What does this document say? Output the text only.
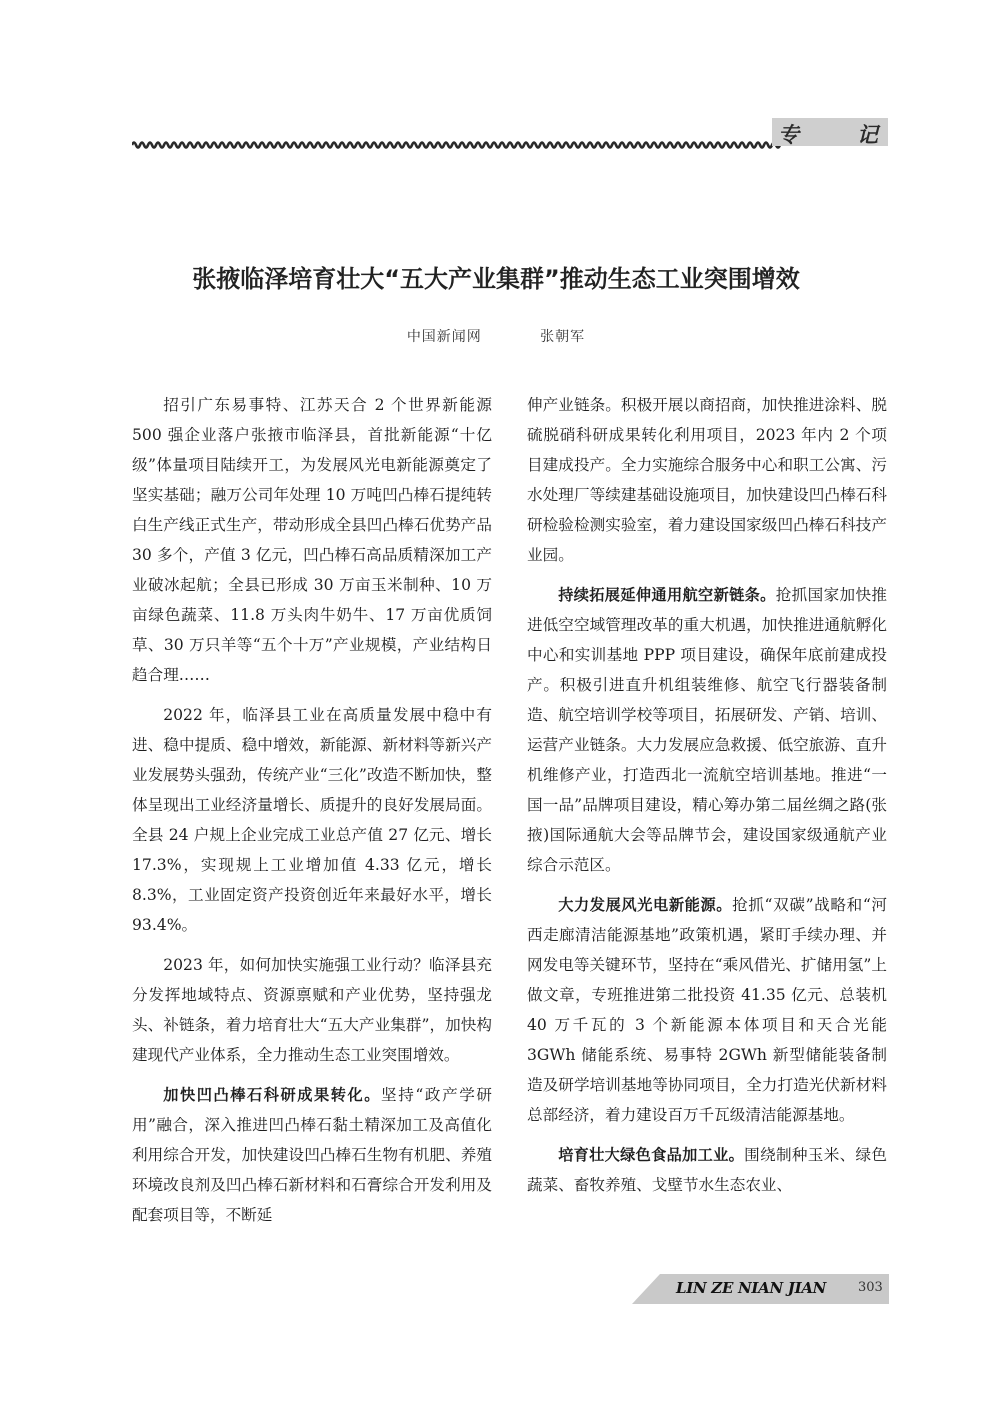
专	记
张掖临泽培育壮大“五大产业集群”推动生态工业突围增效
中国新闻网   张朝军

招引广东易事特、江苏天合 2 个世界新能源 500 强企业落户张掖市临泽县，首批新能源“十亿级”体量项目陆续开工，为发展风光电新能源奠定了坚实基础；融万公司年处理 10 万吨凹凸棒石提纯转白生产线正式生产，带动形成全县凹凸棒石优势产品 30 多个，产值 3 亿元，凹凸棒石高品质精深加工产业破冰起航；全县已形成 30 万亩玉米制种、10 万亩绿色蔬菜、11.8 万头肉牛奶牛、17 万亩优质饲草、30 万只羊等“五个十万”产业规模，产业结构日趋合理……

2022 年，临泽县工业在高质量发展中稳中有进、稳中提质、稳中增效，新能源、新材料等新兴产业发展势头强劲，传统产业“三化”改造不断加快，整体呈现出工业经济量增长、质提升的良好发展局面。全县 24 户规上企业完成工业总产值 27 亿元、增长 17.3%，实现规上工业增加值 4.33 亿元，增长 8.3%，工业固定资产投资创近年来最好水平，增长 93.4%。

2023 年，如何加快实施强工业行动？临泽县充分发挥地域特点、资源禀赋和产业优势，坚持强龙头、补链条，着力培育壮大“五大产业集群”，加快构建现代产业体系，全力推动生态工业突围增效。

加快凹凸棒石科研成果转化。坚持“政产学研用”融合，深入推进凹凸棒石黏土精深加工及高值化利用综合开发，加快建设凹凸棒石生物有机肥、养殖环境改良剂及凹凸棒石新材料和石膏综合开发利用及配套项目等，不断延

伸产业链条。积极开展以商招商，加快推进涂料、脱硫脱硝科研成果转化利用项目，2023 年内 2 个项目建成投产。全力实施综合服务中心和职工公寓、污水处理厂等续建基础设施项目，加快建设凹凸棒石科研检验检测实验室，着力建设国家级凹凸棒石科技产业园。

持续拓展延伸通用航空新链条。抢抓国家加快推进低空空域管理改革的重大机遇，加快推进通航孵化中心和实训基地 PPP 项目建设，确保年底前建成投产。积极引进直升机组装维修、航空飞行器装备制造、航空培训学校等项目，拓展研发、产销、培训、运营产业链条。大力发展应急救援、低空旅游、直升机维修产业，打造西北一流航空培训基地。推进“一国一品”品牌项目建设，精心筹办第二届丝绸之路(张掖)国际通航大会等品牌节会，建设国家级通航产业综合示范区。

大力发展风光电新能源。抢抓“双碳”战略和“河西走廊清洁能源基地”政策机遇，紧盯手续办理、并网发电等关键环节，坚持在“乘风借光、扩储用氢”上做文章，专班推进第二批投资 41.35 亿元、总装机 40 万千瓦的 3 个新能源本体项目和天合光能 3GWh 储能系统、易事特 2GWh 新型储能装备制造及研学培训基地等协同项目，全力打造光伏新材料总部经济，着力建设百万千瓦级清洁能源基地。

培育壮大绿色食品加工业。围绕制种玉米、绿色蔬菜、畜牧养殖、戈壁节水生态农业、

LIN ZE NIAN JIAN 303
